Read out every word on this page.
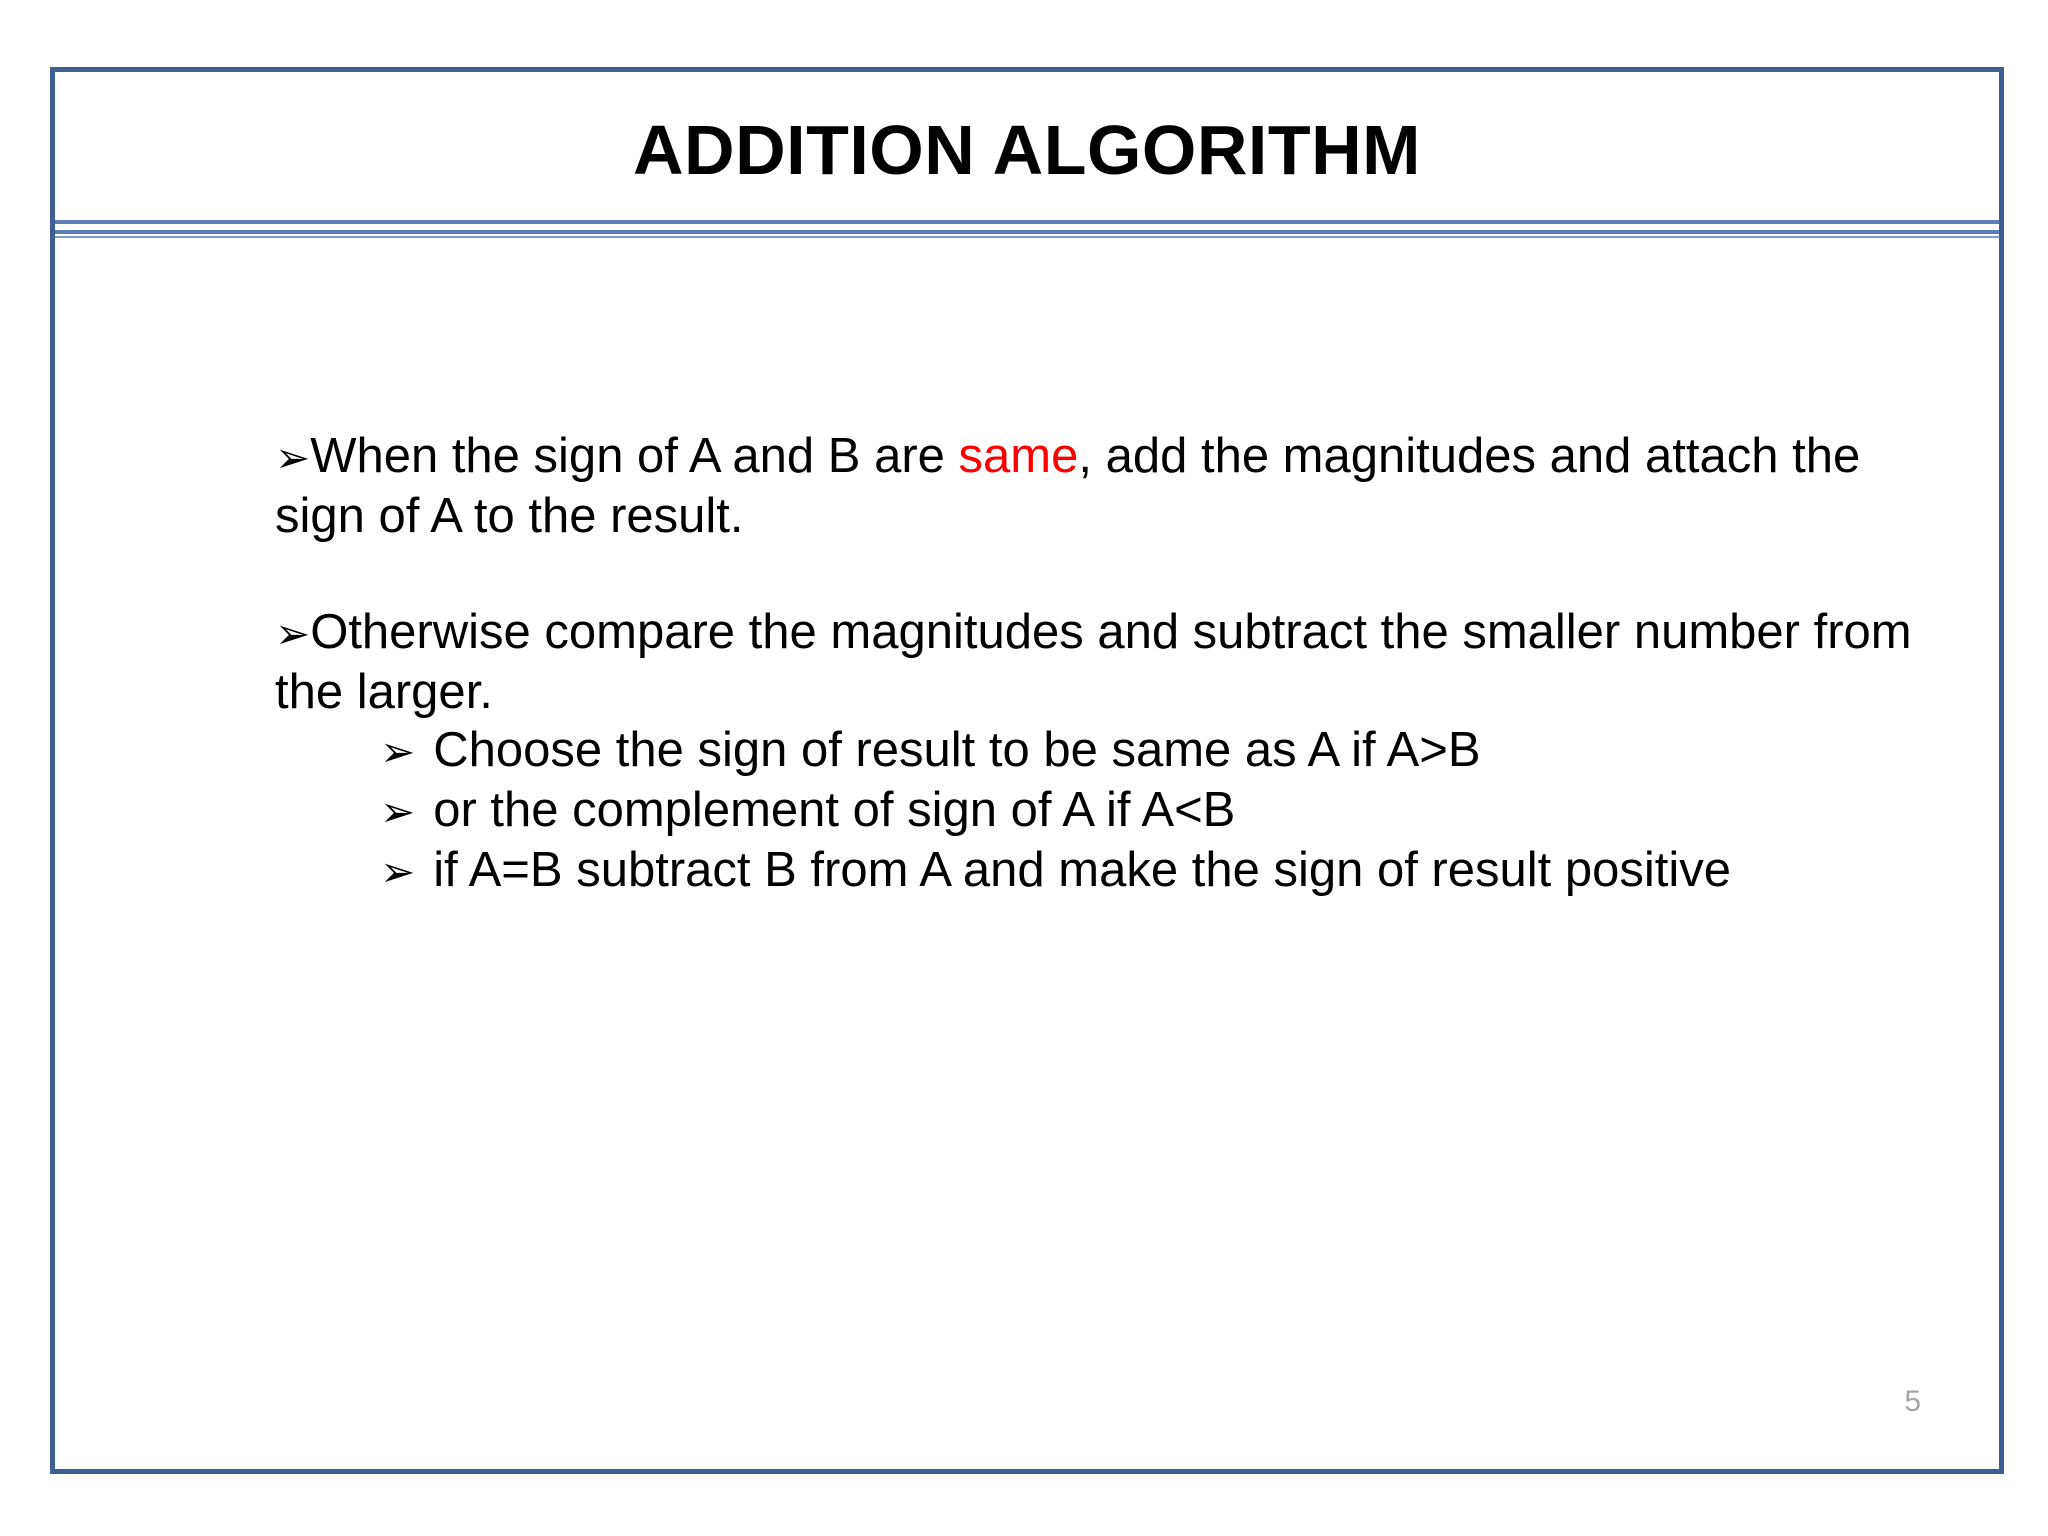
ADDITION ALGORITHM

➢When the sign of A and B are same, add the magnitudes and attach the sign of A to the result.

➢Otherwise compare the magnitudes and subtract the smaller number from the larger.

➢ Choose the sign of result to be same as A if A>B
➢ or the complement of sign of A if A<B
➢ if A=B subtract B from A and make the sign of result positive
5
